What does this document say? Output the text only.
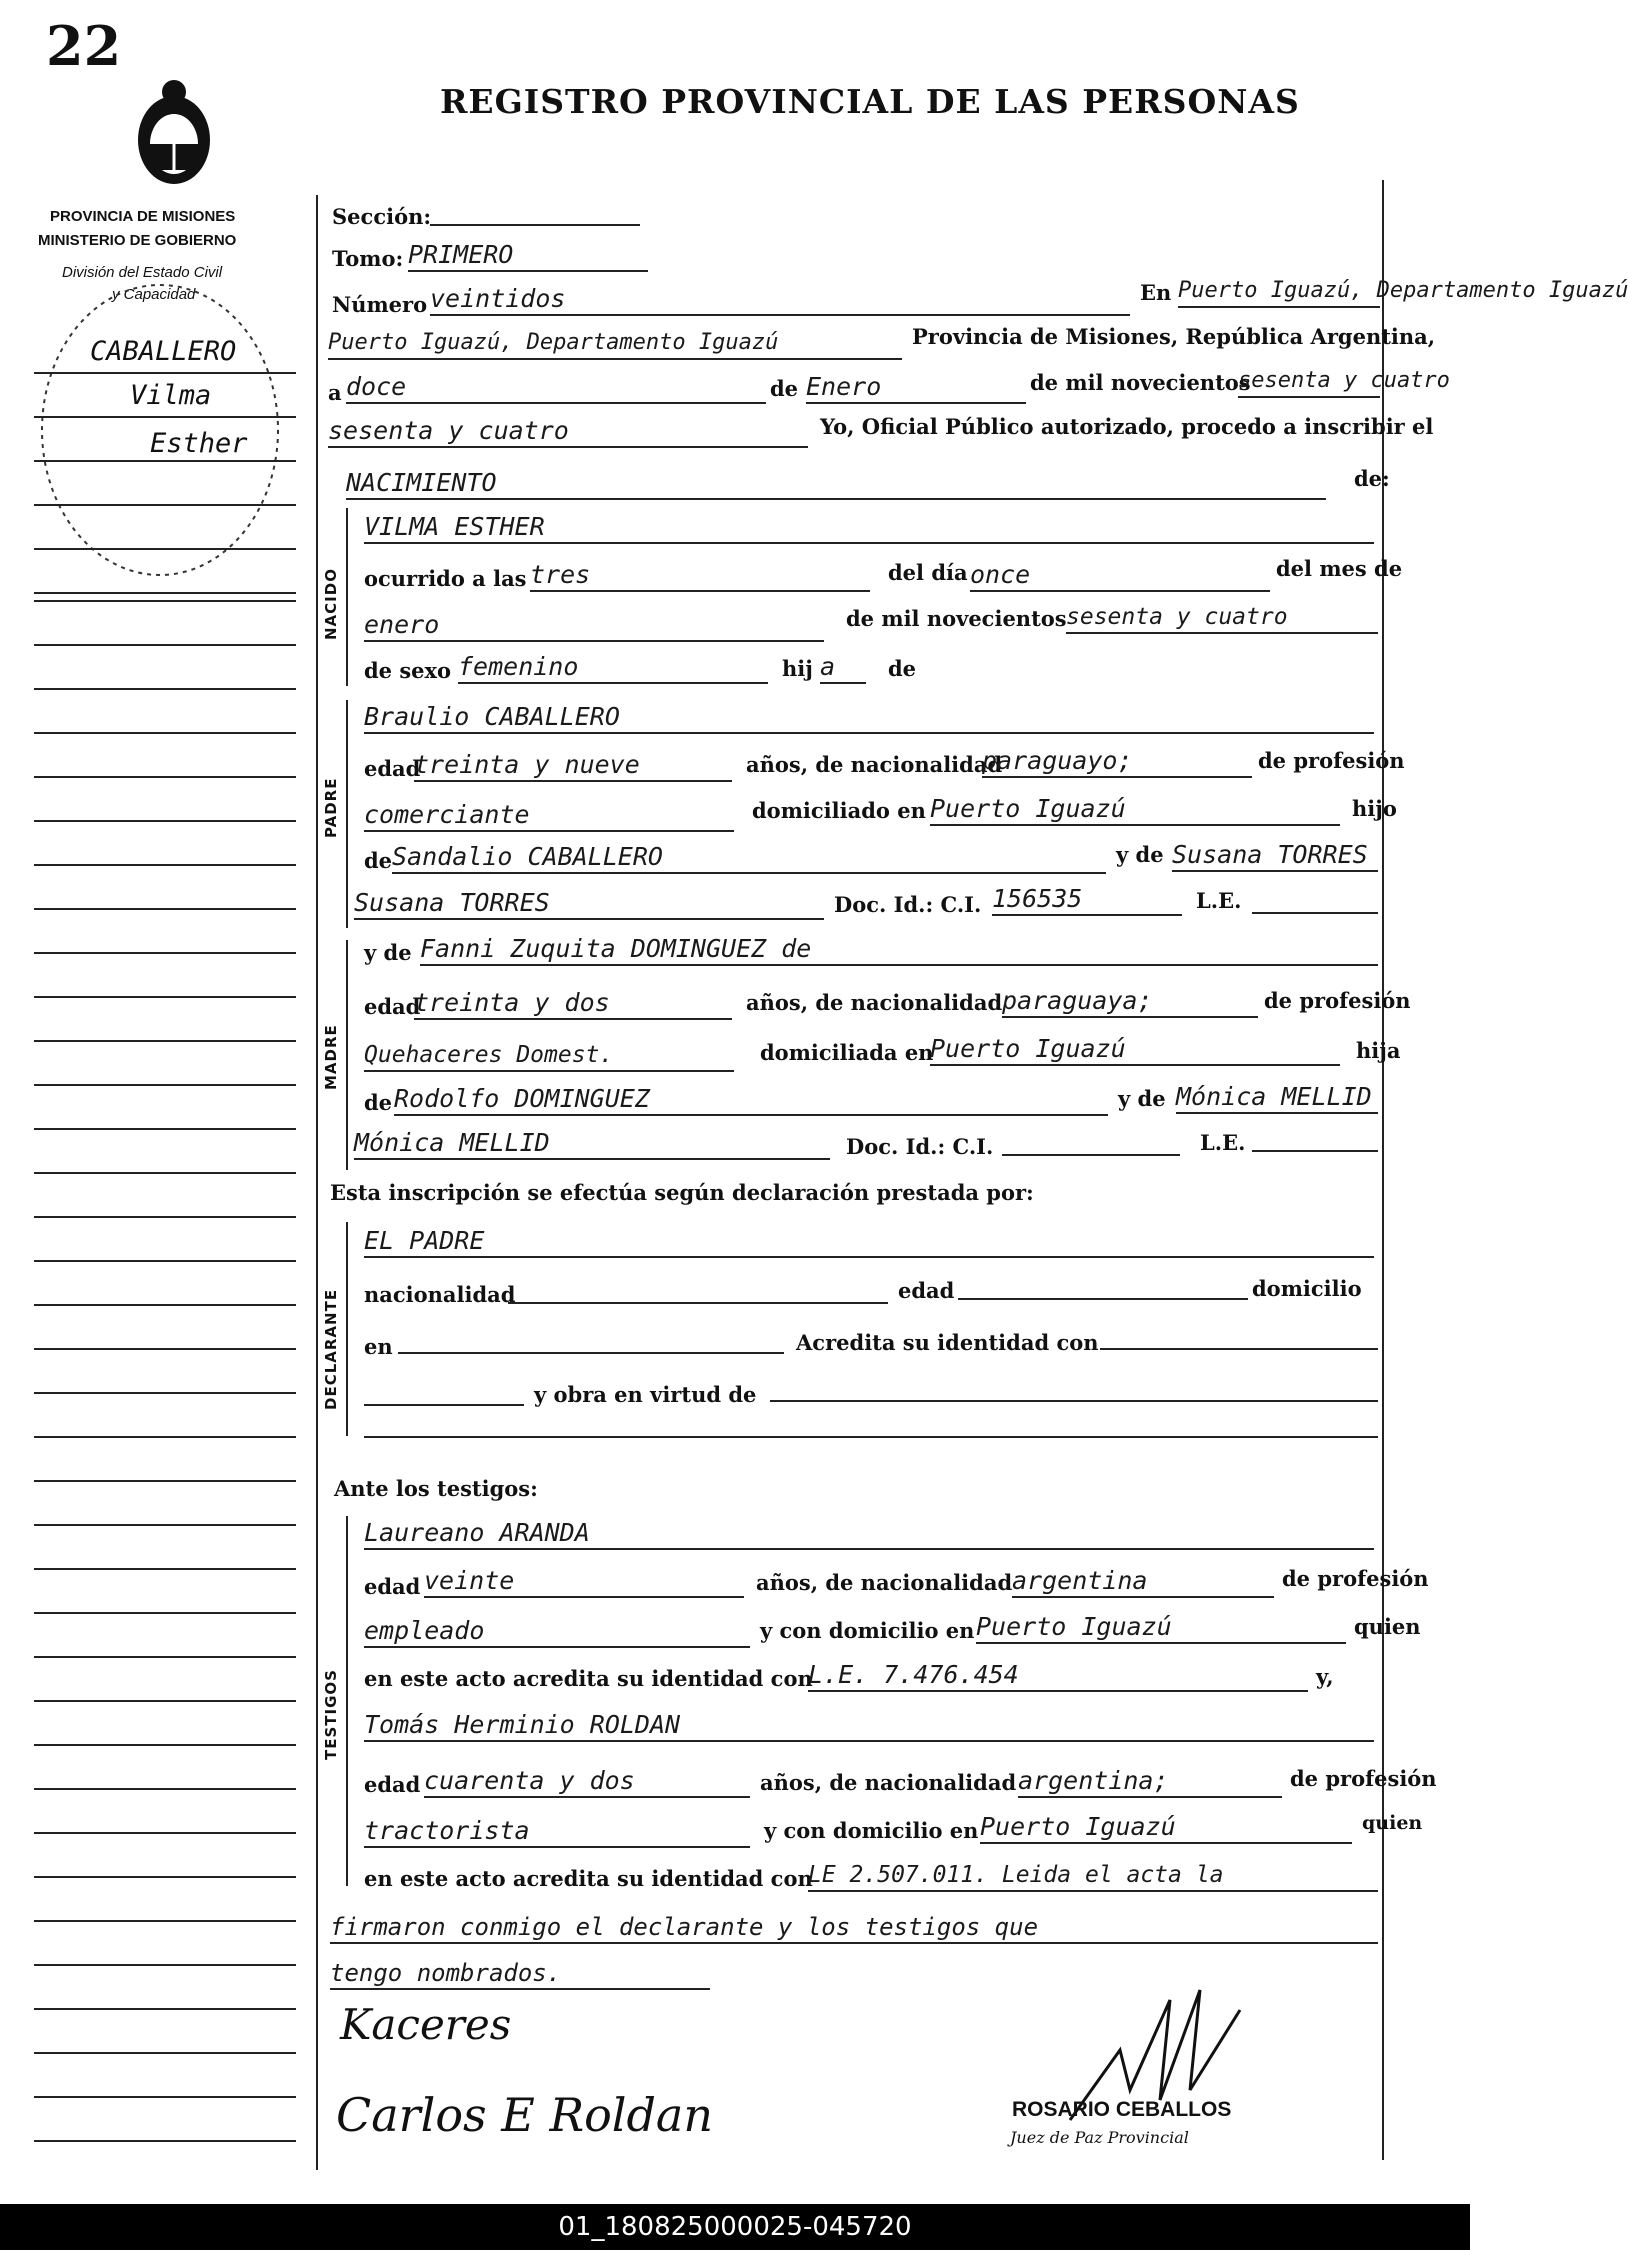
22
REGISTRO PROVINCIAL DE LAS PERSONAS
PROVINCIA DE MISIONES
MINISTERIO DE GOBIERNO
División del Estado Civil
y Capacidad
CABALLERO
Vilma
Esther
Sección:
Tomo: PRIMERO
Número veintidos	En Puerto Iguazú, Departamento Iguazú
Puerto Iguazú, Departamento Iguazú	Provincia de Misiones, República Argentina,
a doce	de Enero	de mil novecientos
sesenta y cuatro
sesenta y cuatro	Yo, Oficial Público autorizado, procedo a inscribir el
NACIMIENTO	de:
NACIDO
VILMA ESTHER
ocurrido a las tres	del día once	del mes de
enero	de mil novecientos sesenta y cuatro
de sexo femenino	hij a	de
PADRE
Braulio CABALLERO
edad
treinta y nueve	años, de nacionalidad
paraguayo;	de profesión
comerciante	domiciliado en Puerto Iguazú	hijo
de Sandalio CABALLERO	y de Susana TORRES
Susana TORRES	Doc. Id.: C.I. 156535	L.E.
MADRE
y de Fanni Zuquita DOMINGUEZ de
edad
treinta y dos	años, de nacionalidad paraguaya;	de profesión
Quehaceres Domest.	domiciliada en
Puerto Iguazú	hija
de Rodolfo DOMINGUEZ	y de Mónica MELLID
Mónica MELLID	Doc. Id.: C.I.	L.E.
Esta inscripción se efectúa según declaración prestada por:
DECLARANTE
EL PADRE
nacionalidad	edad	domicilio
en	Acredita su identidad con
y obra en virtud de
Ante los testigos:
TESTIGOS
Laureano ARANDA
edad veinte	años, de nacionalidad argentina	de profesión
empleado	y con domicilio en Puerto Iguazú	quien
en este acto acredita su identidad con
L.E. 7.476.454	y,
Tomás Herminio ROLDAN
edad cuarenta y dos	años, de nacionalidad argentina;	de profesión
tractorista	y con domicilio en Puerto Iguazú	quien
en este acto acredita su identidad con
LE 2.507.011. Leida el acta la
firmaron conmigo el declarante y los testigos que
tengo nombrados.
Kaceres
Carlos E Roldan	ROSARIO CEBALLOS
Juez de Paz Provincial
01_180825000025-045720
